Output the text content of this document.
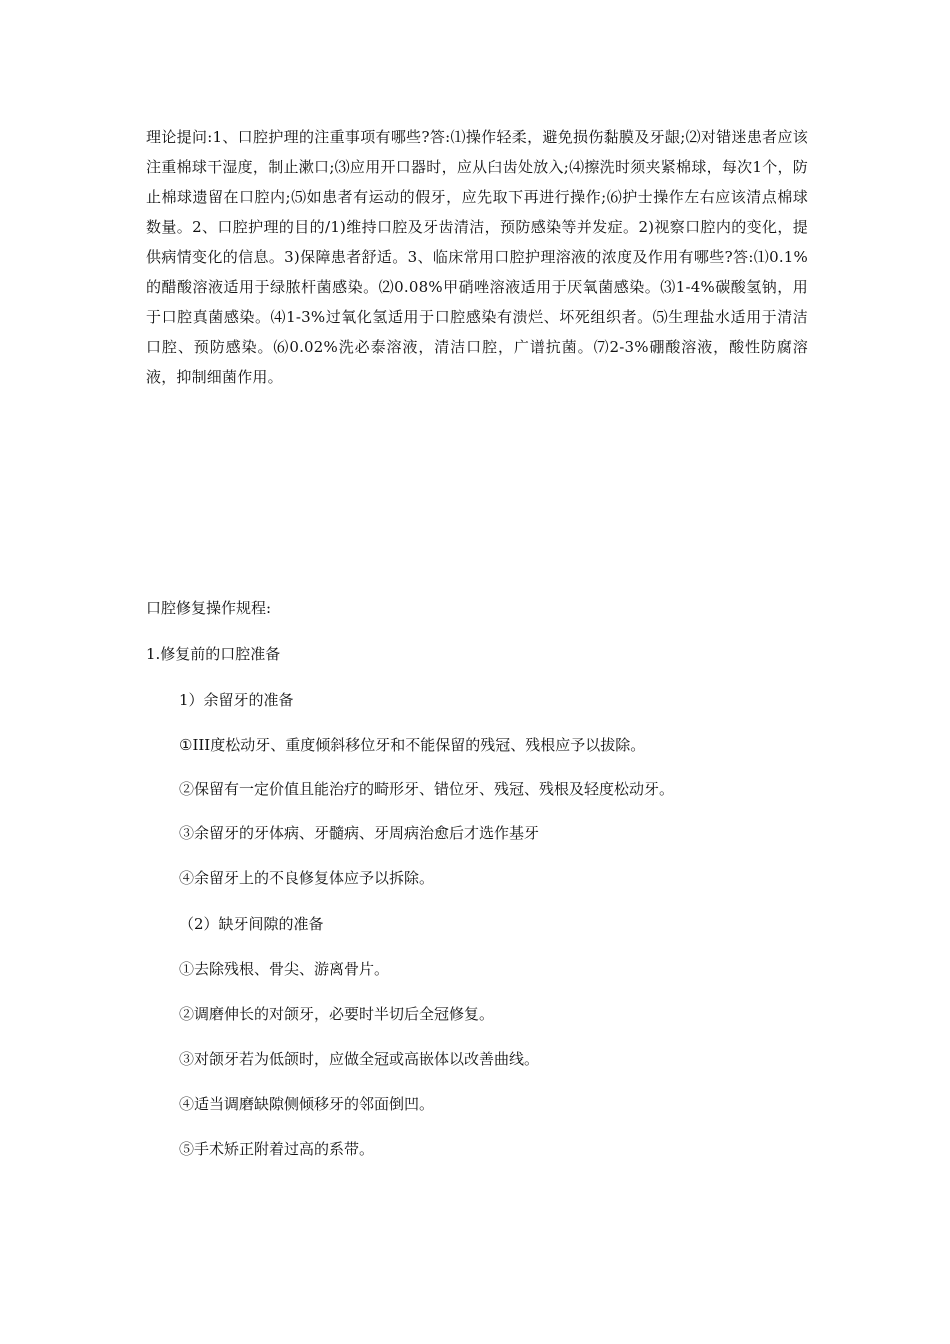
理论提问:1、口腔护理的注重事项有哪些?答:⑴操作轻柔，避免损伤黏膜及牙龈;⑵对错迷患者应该注重棉球干湿度，制止漱口;⑶应用开口器时，应从臼齿处放入;⑷擦洗时须夹紧棉球，每次1个，防止棉球遗留在口腔内;⑸如患者有运动的假牙，应先取下再进行操作;⑹护士操作左右应该清点棉球数量。2、口腔护理的目的/1)维持口腔及牙齿清洁，预防感染等并发症。2)视察口腔内的变化，提供病情变化的信息。3)保障患者舒适。3、临床常用口腔护理溶液的浓度及作用有哪些?答:⑴0.1%的醋酸溶液适用于绿脓杆菌感染。⑵0.08%甲硝唑溶液适用于厌氧菌感染。⑶1-4%碳酸氢钠，用于口腔真菌感染。⑷1-3%过氧化氢适用于口腔感染有溃烂、坏死组织者。⑸生理盐水适用于清洁口腔、预防感染。⑹0.02%洗必泰溶液，清洁口腔，广谱抗菌。⑺2-3%硼酸溶液，酸性防腐溶液，抑制细菌作用。

口腔修复操作规程:

1.修复前的口腔准备

1）余留牙的准备

①III度松动牙、重度倾斜移位牙和不能保留的残冠、残根应予以拔除。

②保留有一定价值且能治疗的畸形牙、错位牙、残冠、残根及轻度松动牙。

③余留牙的牙体病、牙髓病、牙周病治愈后才选作基牙

④余留牙上的不良修复体应予以拆除。

（2）缺牙间隙的准备

①去除残根、骨尖、游离骨片。

②调磨伸长的对颌牙，必要时半切后全冠修复。

③对颌牙若为低颌时，应做全冠或高嵌体以改善曲线。

④适当调磨缺隙侧倾移牙的邻面倒凹。

⑤手术矫正附着过高的系带。
